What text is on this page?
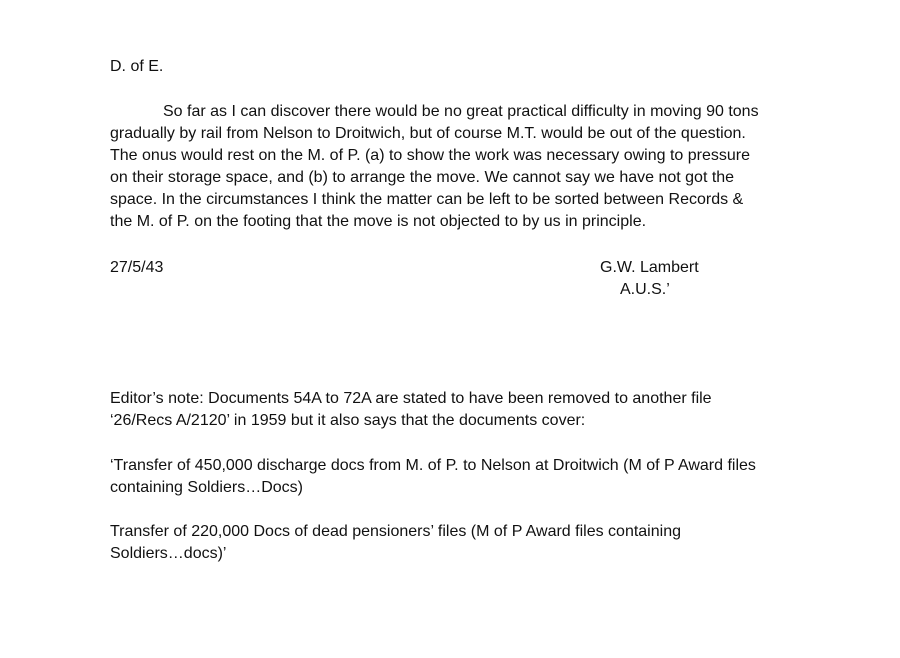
D. of E.

So far as I can discover there would be no great practical difficulty in moving 90 tons
gradually by rail from Nelson to Droitwich, but of course M.T. would be out of the question.
The onus would rest on the M. of P. (a) to show the work was necessary owing to pressure
on their storage space, and (b) to arrange the move. We cannot say we have not got the
space. In the circumstances I think the matter can be left to be sorted between Records &
the M. of P. on the footing that the move is not objected to by us in principle.

27/5/43	G.W. Lambert
A.U.S.’

Editor’s note: Documents 54A to 72A are stated to have been removed to another file
‘26/Recs A/2120’ in 1959 but it also says that the documents cover:

‘Transfer of 450,000 discharge docs from M. of P. to Nelson at Droitwich (M of P Award files
containing Soldiers…Docs)

Transfer of 220,000 Docs of dead pensioners’ files (M of P Award files containing
Soldiers…docs)’
